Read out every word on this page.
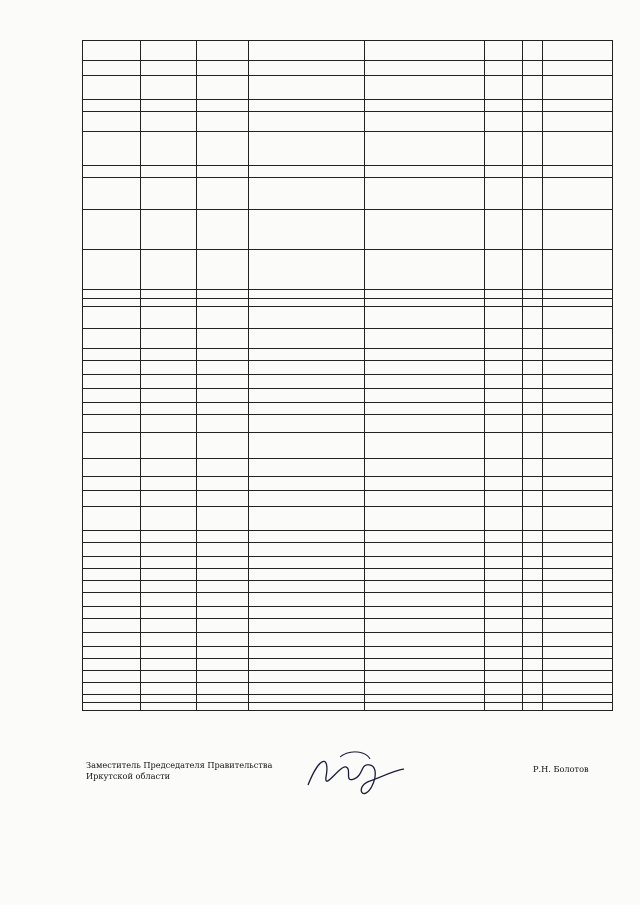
Заместитель Председателя Правительства
Иркутской области
Р.Н. Болотов
